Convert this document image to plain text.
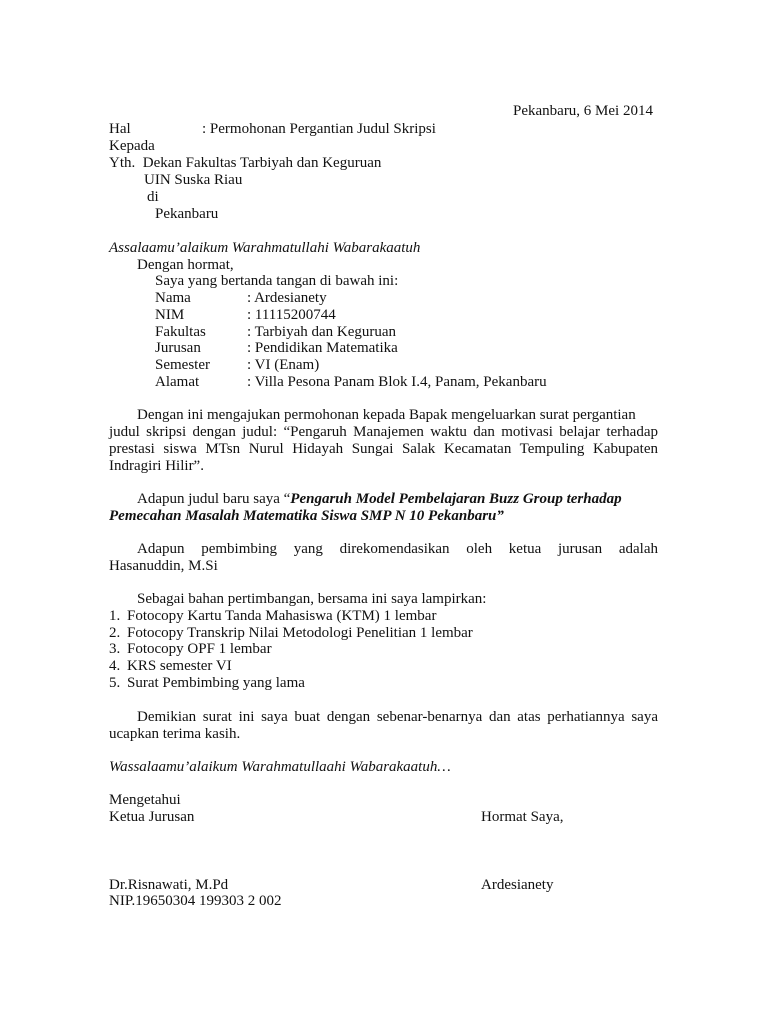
Pekanbaru, 6 Mei 2014
Hal	: Permohonan Pergantian Judul Skripsi
Kepada
Yth.  Dekan Fakultas Tarbiyah dan Keguruan
UIN Suska Riau
di
Pekanbaru
Assalaamu’alaikum Warahmatullahi Wabarakaatuh
Dengan hormat,
Saya yang bertanda tangan di bawah ini:
Nama	: Ardesianety
NIM	: 11115200744
Fakultas	: Tarbiyah dan Keguruan
Jurusan	: Pendidikan Matematika
Semester : VI (Enam)
Alamat	: Villa Pesona Panam Blok I.4, Panam, Pekanbaru
Dengan ini mengajukan permohonan kepada Bapak mengeluarkan surat pergantian
judul skripsi dengan judul: “Pengaruh Manajemen waktu dan motivasi belajar terhadap
prestasi siswa MTsn Nurul Hidayah Sungai Salak Kecamatan Tempuling Kabupaten
Indragiri Hilir”.
Adapun judul baru saya “Pengaruh Model Pembelajaran Buzz Group terhadap
Pemecahan Masalah Matematika Siswa SMP N 10 Pekanbaru”
Adapun pembimbing yang direkomendasikan oleh ketua jurusan adalah
Hasanuddin, M.Si
Sebagai bahan pertimbangan, bersama ini saya lampirkan:
1. Fotocopy Kartu Tanda Mahasiswa (KTM) 1 lembar
2. Fotocopy Transkrip Nilai Metodologi Penelitian 1 lembar
3. Fotocopy OPF 1 lembar
4. KRS semester VI
5. Surat Pembimbing yang lama
Demikian surat ini saya buat dengan sebenar-benarnya dan atas perhatiannya saya
ucapkan terima kasih.
Wassalaamu’alaikum Warahmatullaahi Wabarakaatuh…
Mengetahui
Ketua Jurusan	Hormat Saya,
Dr.Risnawati, M.Pd	Ardesianety
NIP.19650304 199303 2 002
